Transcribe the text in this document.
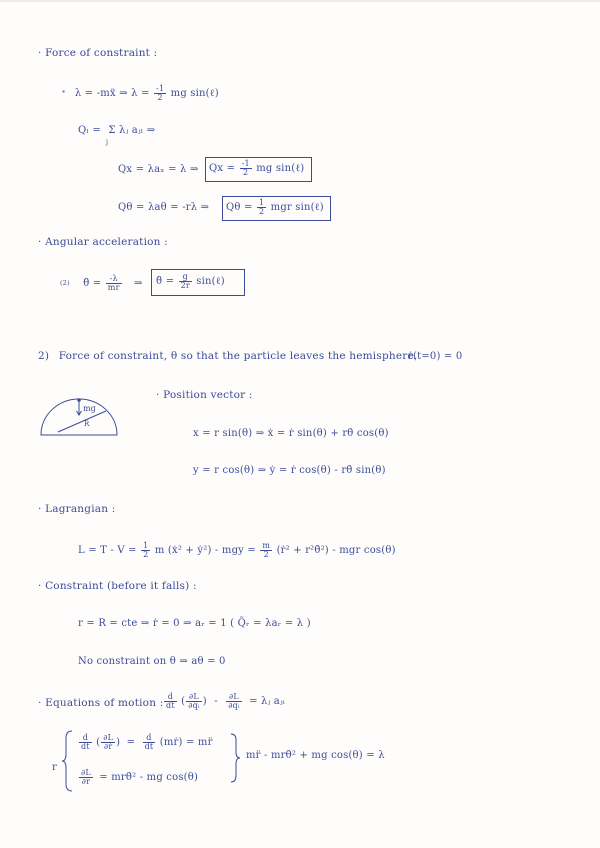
· Force of constraint :
* λ = -mẍ ⇒ $\lambda = \frac{-1}{2}$ mg sin(ℓ)
Qₗ = Σ λⱼ aⱼₗ ⇒
j
Qx = λaₓ = λ ⇒ $Qx = \frac{-1}{2}$ mg sin(ℓ)
Qθ = λaθ = -rλ ⇒ $Q\theta = \frac{1}{2}$ mgr sin(ℓ)
· Angular acceleration :
(2) θ̈ = $\frac{-\lambda}{mr}$ ⇒ θ̈ = $\frac{g}{2r}$ sin(ℓ)
2) Force of constraint, θ so that the particle leaves the hemisphere.
ṙ(t=0) = 0
mg
R
· Position vector :
x = r sin(θ) ⇒ ẋ = ṙ sin(θ) + rθ̇ cos(θ)
y = r cos(θ) ⇒ ẏ = ṙ cos(θ) - rθ̇ sin(θ)
· Lagrangian :
$L = T - V = \frac{1}{2}$ m (ẋ² + ẏ²) - mgy = $\frac{m}{2}$ (ṙ² + r²θ̇²) - mgr cos(θ)
· Constraint (before it falls) :
r = R = cte ⇒ ṙ = 0 ⇒ aᵣ = 1 ( Q̃ᵣ = λaᵣ = λ )
No constraint on θ ⇒ aθ = 0
· Equations of motion : $\frac{d}{dt}$ ( $\frac{\partial L}{\text{∂q̇ᵢ}}$ ) - $\frac{\partial L}{\text{∂qᵢ}}$ = λⱼ aⱼᵢ
r
$\frac{d}{dt}$ ( $\frac{\partial L}{\text{∂ṙ}}$ ) = $\frac{d}{dt}$ (mṙ) = mr̈
$\frac{\partial L}{\partial r}$ = mrθ̇² - mg cos(θ)
mr̈ - mrθ̇² + mg cos(θ) = λ
